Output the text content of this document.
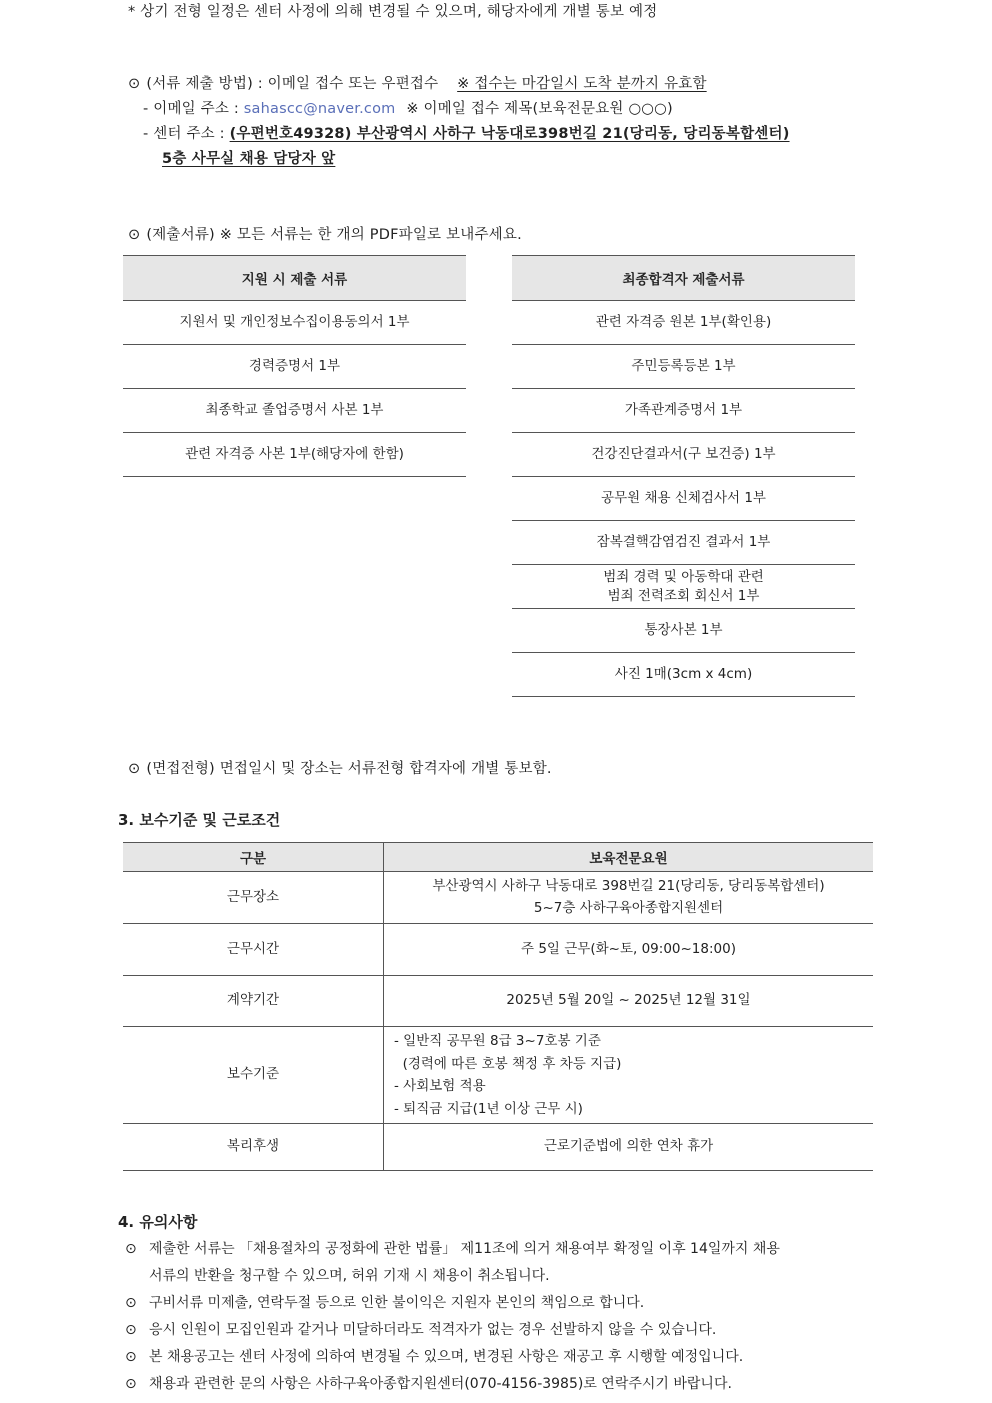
* 상기 전형 일정은 센터 사정에 의해 변경될 수 있으며, 해당자에게 개별 통보 예정
⊙ (서류 제출 방법) : 이메일 접수 또는 우편접수 ※ 접수는 마감일시 도착 분까지 유효함
- 이메일 주소 : sahascc@naver.com ※ 이메일 접수 제목(보육전문요원 ○○○)
- 센터 주소 : (우편번호49328) 부산광역시 사하구 낙동대로398번길 21(당리동, 당리동복합센터)
5층 사무실 채용 담당자 앞
⊙ (제출서류) ※ 모든 서류는 한 개의 PDF파일로 보내주세요.
지원 시 제출 서류
지원서 및 개인정보수집이용동의서 1부
경력증명서 1부
최종학교 졸업증명서 사본 1부
관련 자격증 사본 1부(해당자에 한함)
최종합격자 제출서류
관련 자격증 원본 1부(확인용)
주민등록등본 1부
가족관계증명서 1부
건강진단결과서(구 보건증) 1부
공무원 채용 신체검사서 1부
잠복결핵감염검진 결과서 1부

범죄 경력 및 아동학대 관련
범죄 전력조회 회신서 1부

통장사본 1부
사진 1매(3cm x 4cm)
⊙ (면접전형) 면접일시 및 장소는 서류전형 합격자에 개별 통보함.
3. 보수기준 및 근로조건
구분	보육전문요원
근무장소	부산광역시 사하구 낙동대로 398번길 21(당리동, 당리동복합센터)
5~7층 사하구육아종합지원센터

근무시간	주 5일 근무(화~토, 09:00~18:00)
계약기간	2025년 5월 20일 ~ 2025년 12월 31일
보수기준	- 일반직 공무원 8급 3~7호봉 기준
(경력에 따른 호봉 책정 후 차등 지급)
- 사회보험 적용
- 퇴직금 지급(1년 이상 근무 시)

복리후생	근로기준법에 의한 연차 휴가
4. 유의사항
⊙ 제출한 서류는 「채용절차의 공정화에 관한 법률」 제11조에 의거 채용여부 확정일 이후 14일까지 채용
서류의 반환을 청구할 수 있으며, 허위 기재 시 채용이 취소됩니다.
⊙ 구비서류 미제출, 연락두절 등으로 인한 불이익은 지원자 본인의 책임으로 합니다.
⊙ 응시 인원이 모집인원과 같거나 미달하더라도 적격자가 없는 경우 선발하지 않을 수 있습니다.
⊙ 본 채용공고는 센터 사정에 의하여 변경될 수 있으며, 변경된 사항은 재공고 후 시행할 예정입니다.
⊙ 채용과 관련한 문의 사항은 사하구육아종합지원센터(070-4156-3985)로 연락주시기 바랍니다.
